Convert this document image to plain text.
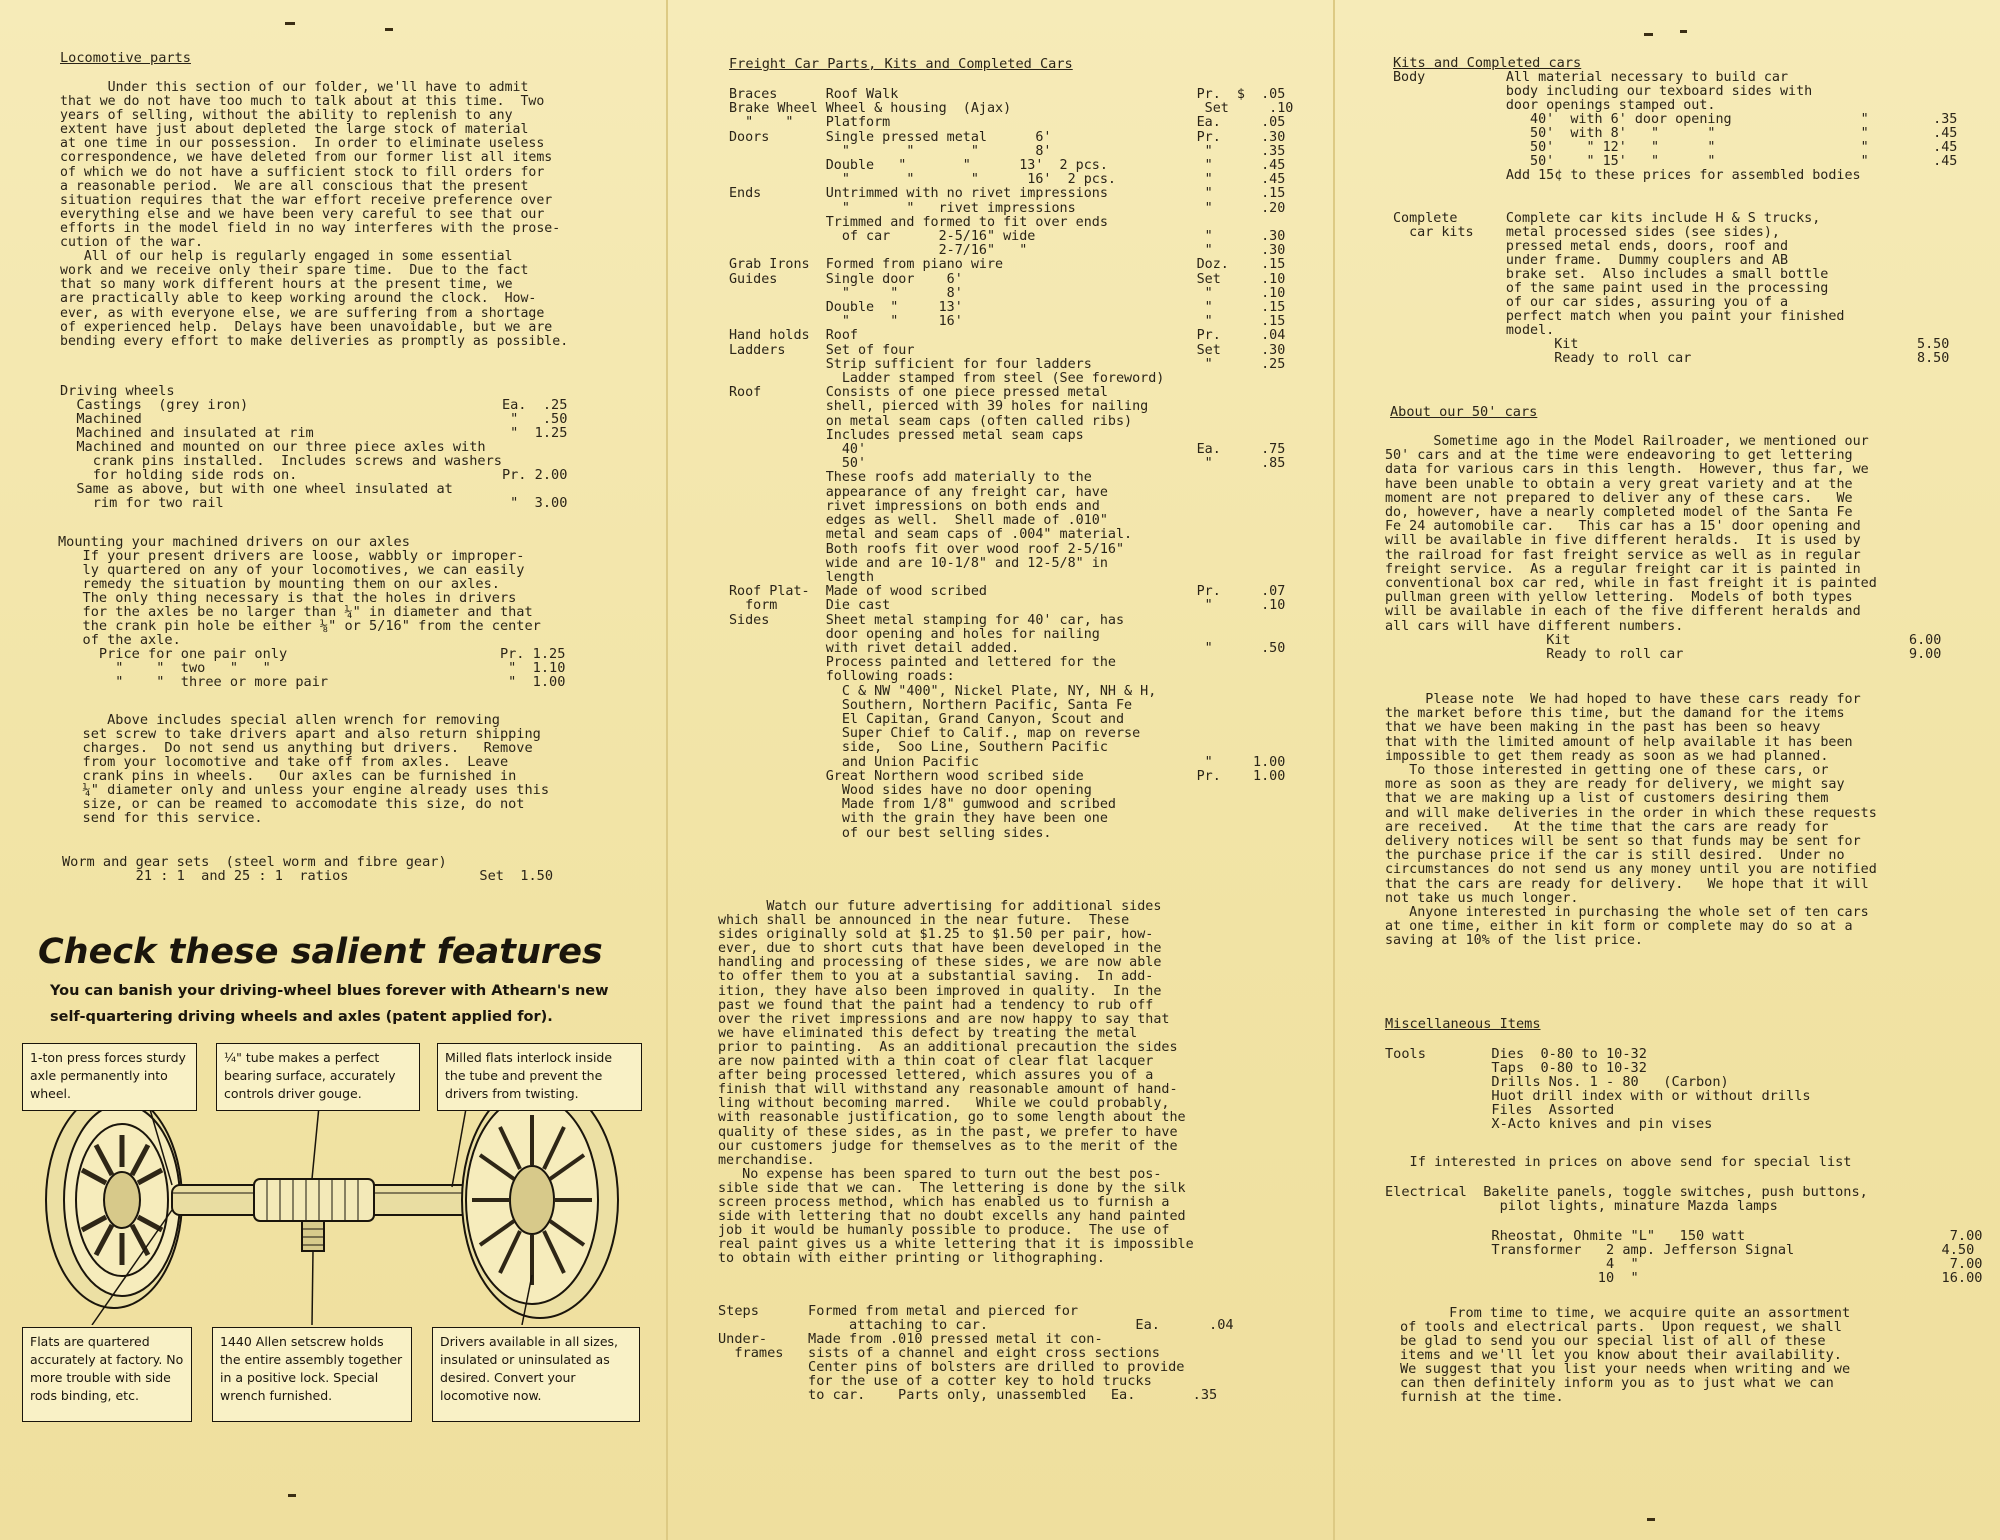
Locomotive parts
Under this section of our folder, we'll have to admit
that we do not have too much to talk about at this time.  Two
years of selling, without the ability to replenish to any
extent have just about depleted the large stock of material
at one time in our possession.  In order to eliminate useless
correspondence, we have deleted from our former list all items
of which we do not have a sufficient stock to fill orders for
a reasonable period.  We are all conscious that the present
situation requires that the war effort receive preference over
everything else and we have been very careful to see that our
efforts in the model field in no way interferes with the prose-
cution of the war.
All of our help is regularly engaged in some essential
work and we receive only their spare time.  Due to the fact
that so many work different hours at the present time, we
are practically able to keep working around the clock.  How-
ever, as with everyone else, we are suffering from a shortage
of experienced help.  Delays have been unavoidable, but we are
bending every effort to make deliveries as promptly as possible.
Driving wheels
Castings  (grey iron)                               Ea.  .25
Machined                                             "   .50
Machined and insulated at rim                        "  1.25
Machined and mounted on our three piece axles with
crank pins installed.  Includes screws and washers
for holding side rods on.                         Pr. 2.00
Same as above, but with one wheel insulated at
rim for two rail                                   "  3.00
Mounting your machined drivers on our axles
If your present drivers are loose, wabbly or improper-
ly quartered on any of your locomotives, we can easily
remedy the situation by mounting them on our axles.
The only thing necessary is that the holes in drivers
for the axles be no larger than ¼" in diameter and that
the crank pin hole be either ⅛" or 5/16" from the center
of the axle.
Price for one pair only                          Pr. 1.25
"    "  two   "   "                             "  1.10
"    "  three or more pair                      "  1.00
Above includes special allen wrench for removing
set screw to take drivers apart and also return shipping
charges.  Do not send us anything but drivers.   Remove
from your locomotive and take off from axles.  Leave
crank pins in wheels.   Our axles can be furnished in
¼" diameter only and unless your engine already uses this
size, or can be reamed to accomodate this size, do not
send for this service.
Worm and gear sets  (steel worm and fibre gear)
21 : 1  and 25 : 1  ratios                Set  1.50
Check these salient features
You can banish your driving-wheel blues forever with Athearn's new self-quartering driving wheels and axles (patent applied for).
1-ton press forces sturdy axle permanently into wheel.
¼" tube makes a perfect bearing surface, accurately controls driver gouge.
Milled flats interlock inside the tube and prevent the drivers from twisting.
Flats are quartered accurately at factory. No more trouble with side rods binding, etc.
1440 Allen setscrew holds the entire assembly together in a positive lock. Special wrench furnished.
Drivers available in all sizes, insulated or uninsulated as desired. Convert your locomotive now.
Freight Car Parts, Kits and Completed Cars
Braces      Roof Walk                                     Pr.  $  .05
Brake Wheel Wheel & housing  (Ajax)                        Set     .10
"    "    Platform                                      Ea.     .05
Doors       Single pressed metal      6'                  Pr.     .30
"       "       "       8'                   "      .35
Double   "       "      13'  2 pcs.            "      .45
"       "       "      16'  2 pcs.           "      .45
Ends        Untrimmed with no rivet impressions            "      .15
"       "   rivet impressions                "      .20
Trimmed and formed to fit over ends
of car      2-5/16" wide                     "      .30
2-7/16"   "                      "      .30
Grab Irons  Formed from piano wire                        Doz.    .15
Guides      Single door    6'                             Set     .10
"     "      8'                              "      .10
Double  "     13'                              "      .15
"     "     16'                              "      .15
Hand holds  Roof                                          Pr.     .04
Ladders     Set of four                                   Set     .30
Strip sufficient for four ladders              "      .25
Ladder stamped from steel (See foreword)
Roof        Consists of one piece pressed metal
shell, pierced with 39 holes for nailing
on metal seam caps (often called ribs)
Includes pressed metal seam caps
40'                                         Ea.     .75
50'                                          "      .85
These roofs add materially to the
appearance of any freight car, have
rivet impressions on both ends and
edges as well.  Shell made of .010"
metal and seam caps of .004" material.
Both roofs fit over wood roof 2-5/16"
wide and are 10-1/8" and 12-5/8" in
length
Roof Plat-  Made of wood scribed                          Pr.     .07
form      Die cast                                       "      .10
Sides       Sheet metal stamping for 40' car, has
door opening and holes for nailing
with rivet detail added.                       "      .50
Process painted and lettered for the
following roads:
C & NW "400", Nickel Plate, NY, NH & H,
Southern, Northern Pacific, Santa Fe
El Capitan, Grand Canyon, Scout and
Super Chief to Calif., map on reverse
side,  Soo Line, Southern Pacific
and Union Pacific                            "     1.00
Great Northern wood scribed side              Pr.    1.00
Wood sides have no door opening
Made from 1/8" gumwood and scribed
with the grain they have been one
of our best selling sides.
Watch our future advertising for additional sides
which shall be announced in the near future.  These
sides originally sold at $1.25 to $1.50 per pair, how-
ever, due to short cuts that have been developed in the
handling and processing of these sides, we are now able
to offer them to you at a substantial saving.  In add-
ition, they have also been improved in quality.  In the
past we found that the paint had a tendency to rub off
over the rivet impressions and are now happy to say that
we have eliminated this defect by treating the metal
prior to painting.  As an additional precaution the sides
are now painted with a thin coat of clear flat lacquer
after being processed lettered, which assures you of a
finish that will withstand any reasonable amount of hand-
ling without becoming marred.   While we could probably,
with reasonable justification, go to some length about the
quality of these sides, as in the past, we prefer to have
our customers judge for themselves as to the merit of the
merchandise.
No expense has been spared to turn out the best pos-
sible side that we can.  The lettering is done by the silk
screen process method, which has enabled us to furnish a
side with lettering that no doubt excells any hand painted
job it would be humanly possible to produce.  The use of
real paint gives us a white lettering that it is impossible
to obtain with either printing or lithographing.
Steps      Formed from metal and pierced for
attaching to car.                  Ea.      .04
Under-     Made from .010 pressed metal it con-
frames   sists of a channel and eight cross sections
Center pins of bolsters are drilled to provide
for the use of a cotter key to hold trucks
to car.    Parts only, unassembled   Ea.       .35
Kits and Completed cars
Body          All material necessary to build car
body including our texboard sides with
door openings stamped out.
40'  with 6' door opening                "        .35
50'  with 8'   "      "                  "        .45
50'    " 12'   "      "                  "        .45
50'    " 15'   "      "                  "        .45
Add 15¢ to these prices for assembled bodies
Complete      Complete car kits include H & S trucks,
car kits    metal processed sides (see sides),
pressed metal ends, doors, roof and
under frame.  Dummy couplers and AB
brake set.  Also includes a small bottle
of the same paint used in the processing
of our car sides, assuring you of a
perfect match when you paint your finished
model.
Kit                                          5.50
Ready to roll car                            8.50
About our 50' cars
Sometime ago in the Model Railroader, we mentioned our
50' cars and at the time were endeavoring to get lettering
data for various cars in this length.  However, thus far, we
have been unable to obtain a very great variety and at the
moment are not prepared to deliver any of these cars.   We
do, however, have a nearly completed model of the Santa Fe
Fe 24 automobile car.   This car has a 15' door opening and
will be available in five different heralds.  It is used by
the railroad for fast freight service as well as in regular
freight service.  As a regular freight car it is painted in
conventional box car red, while in fast freight it is painted
pullman green with yellow lettering.  Models of both types
will be available in each of the five different heralds and
all cars will have different numbers.
Kit                                          6.00
Ready to roll car                            9.00
Please note  We had hoped to have these cars ready for
the market before this time, but the damand for the items
that we have been making in the past has been so heavy
that with the limited amount of help available it has been
impossible to get them ready as soon as we had planned.
To those interested in getting one of these cars, or
more as soon as they are ready for delivery, we might say
that we are making up a list of customers desiring them
and will make deliveries in the order in which these requests
are received.   At the time that the cars are ready for
delivery notices will be sent so that funds may be sent for
the purchase price if the car is still desired.  Under no
circumstances do not send us any money until you are notified
that the cars are ready for delivery.   We hope that it will
not take us much longer.
Anyone interested in purchasing the whole set of ten cars
at one time, either in kit form or complete may do so at a
saving at 10% of the list price.
Miscellaneous Items
Tools        Dies  0-80 to 10-32
Taps  0-80 to 10-32
Drills Nos. 1 - 80   (Carbon)
Huot drill index with or without drills
Files  Assorted
X-Acto knives and pin vises
If interested in prices on above send for special list
Electrical  Bakelite panels, toggle switches, push buttons,
pilot lights, minature Mazda lamps
Rheostat, Ohmite "L"   150 watt                         7.00
Transformer   2 amp. Jefferson Signal                  4.50
4  "                                      7.00
10  "                                     16.00
From time to time, we acquire quite an assortment
of tools and electrical parts.  Upon request, we shall
be glad to send you our special list of all of these
items and we'll let you know about their availability.
We suggest that you list your needs when writing and we
can then definitely inform you as to just what we can
furnish at the time.
